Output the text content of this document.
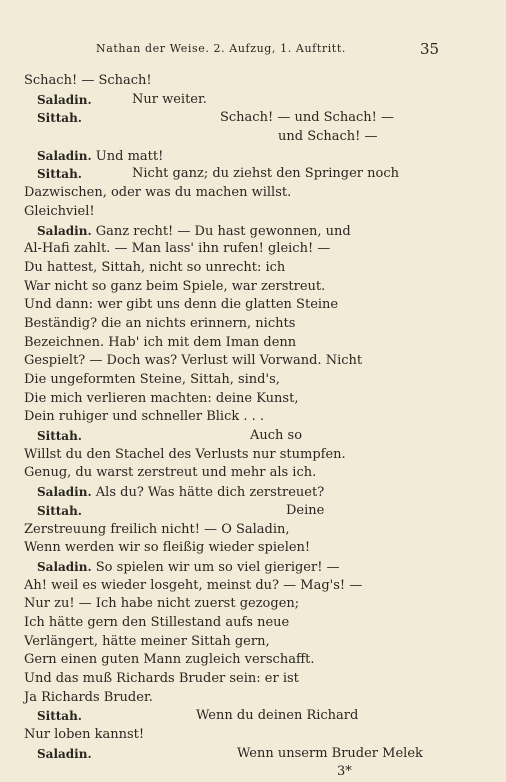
Nathan der Weise. 2. Aufzug, 1. Auftritt.	35
Schach! — Schach!
Saladin.	Nur weiter.
Sittah.	Schach! — und Schach! —
und Schach! —
Saladin. Und matt!
Sittah.	Nicht ganz; du ziehst den Springer noch
Dazwischen, oder was du machen willst.
Gleichviel!
Saladin. Ganz recht! — Du hast gewonnen, und
Al-Hafi zahlt. — Man lass' ihn rufen! gleich! —
Du hattest, Sittah, nicht so unrecht: ich
War nicht so ganz beim Spiele, war zerstreut.
Und dann: wer gibt uns denn die glatten Steine
Beständig? die an nichts erinnern, nichts
Bezeichnen. Hab' ich mit dem Iman denn
Gespielt? — Doch was? Verlust will Vorwand. Nicht
Die ungeformten Steine, Sittah, sind's,
Die mich verlieren machten: deine Kunst,
Dein ruhiger und schneller Blick . . .
Sittah.	Auch so
Willst du den Stachel des Verlusts nur stumpfen.
Genug, du warst zerstreut und mehr als ich.
Saladin. Als du? Was hätte dich zerstreuet?
Sittah.	Deine
Zerstreuung freilich nicht! — O Saladin,
Wenn werden wir so fleißig wieder spielen!
Saladin. So spielen wir um so viel gieriger! —
Ah! weil es wieder losgeht, meinst du? — Mag's! —
Nur zu! — Ich habe nicht zuerst gezogen;
Ich hätte gern den Stillestand aufs neue
Verlängert, hätte meiner Sittah gern,
Gern einen guten Mann zugleich verschafft.
Und das muß Richards Bruder sein: er ist
Ja Richards Bruder.
Sittah.	Wenn du deinen Richard
Nur loben kannst!
Saladin.	Wenn unserm Bruder Melek
3*
